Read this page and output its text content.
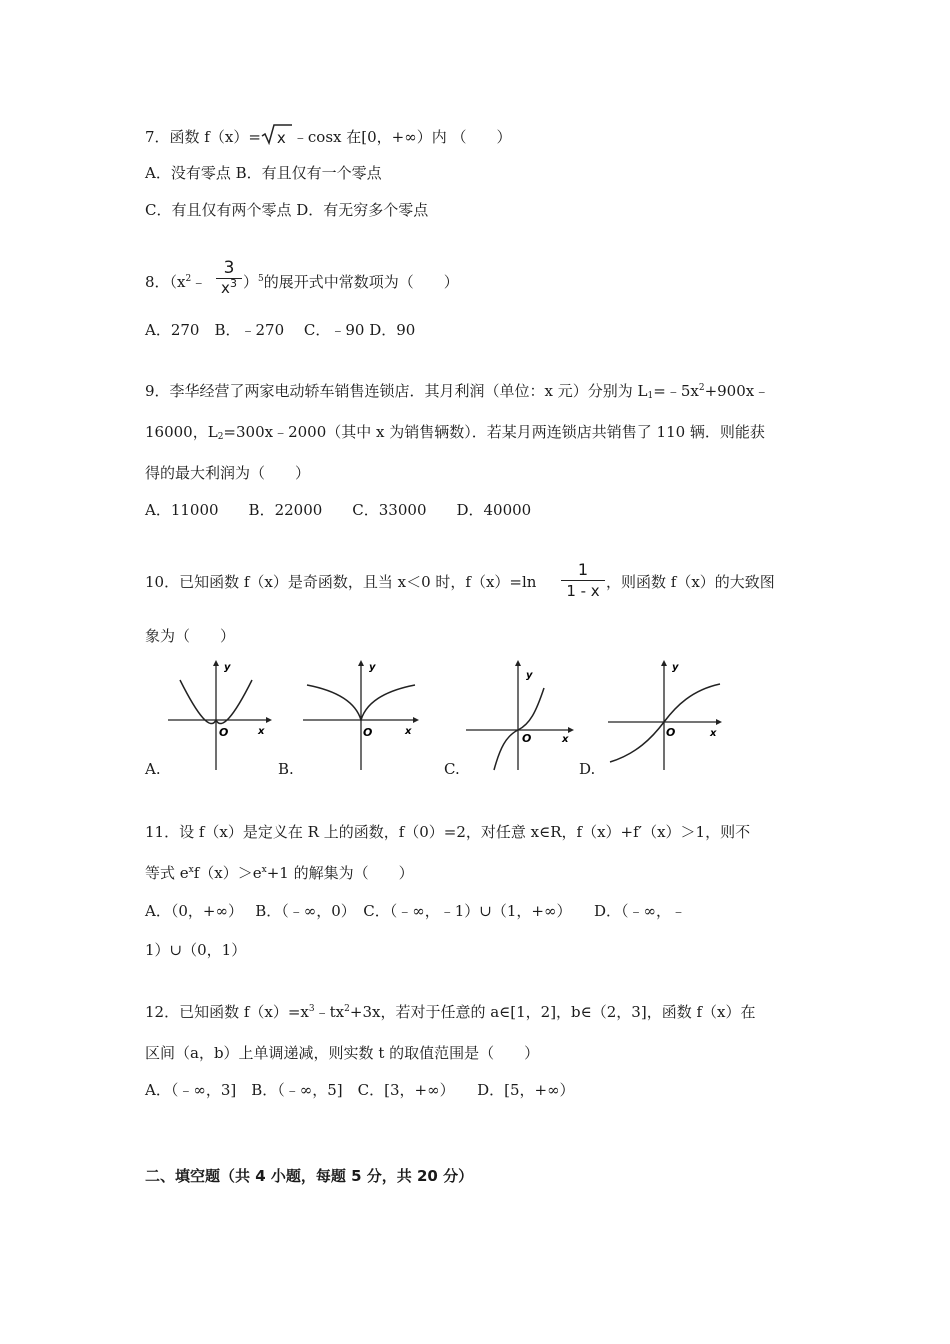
7．函数 f（x）= x ﹣cosx 在[0，+∞）内 （　　）
A．没有零点 B．有且仅有一个零点
C．有且仅有两个零点 D．有无穷多个零点
8．$(x^2﹣ \frac{3}{x^3} )^5$的展开式中常数项为（　　）
A．270　B．﹣270　 C．﹣90 D．90
9．李华经营了两家电动轿车销售连锁店．其月利润（单位：x 元）分别为 $L_1=﹣5x^2+900x﹣$
16000，$L_2=300x﹣2000$（其中 x 为销售辆数）．若某月两连锁店共销售了 110 辆．则能获
得的最大利润为（　　）
A．11000　　B．22000　　C．33000　　D．40000
10．已知函数 f（x）是奇函数，且当 x＜0 时，$f(x)=\ln \frac{1}{1 - x}$ ，则函数 f（x）的大致图
象为（　　）
y
x
O
A.
y
x
O
B.
y
x
O
C.
y
x
O
D.
11．设 f（x）是定义在 R 上的函数，f（0）=2，对任意 x∈R，f（x）+f′（x）＞1，则不
等式 $e^xf(x)>e^x+1$ 的解集为（　　）
A．（0，+∞）　 B．（﹣∞，0）　C．（﹣∞，﹣1）∪（1，+∞）　　D．（﹣∞，﹣
1）∪（0，1）
12．已知函数 $f(x)=x^3﹣tx^2+3x$，若对于任意的 a∈[1，2]，b∈（2，3]，函数 f（x）在
区间（a，b）上单调递减，则实数 t 的取值范围是（　　）
A．（﹣∞，3]　B．（﹣∞，5]　C．[3，+∞）　　D．[5，+∞）
二、填空题（共 4 小题，每题 5 分，共 20 分）
